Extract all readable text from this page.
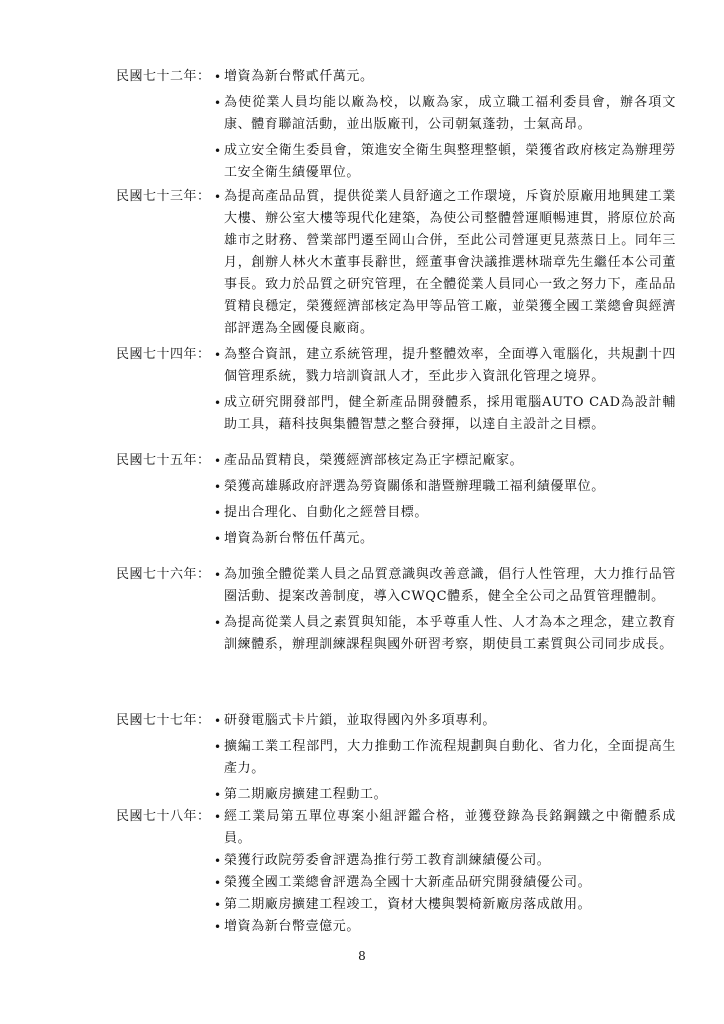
民國七十二年： • 增資為新台幣貳仟萬元。
• 為使從業人員均能以廠為校，以廠為家，成立職工福利委員會，辦各項文康、體育聯誼活動，並出版廠刊，公司朝氣蓬勃，士氣高昂。
• 成立安全衛生委員會，策進安全衛生與整理整頓，榮獲省政府核定為辦理勞工安全衛生績優單位。
民國七十三年： • 為提高產品品質，提供從業人員舒適之工作環境，斥資於原廠用地興建工業大樓、辦公室大樓等現代化建築，為使公司整體營運順暢連貫，將原位於高雄市之財務、營業部門遷至岡山合併，至此公司營運更見蒸蒸日上。同年三月，創辦人林火木董事長辭世，經董事會決議推選林瑞章先生繼任本公司董事長。致力於品質之研究管理，在全體從業人員同心一致之努力下，產品品質精良穩定，榮獲經濟部核定為甲等品管工廠，並榮獲全國工業總會與經濟部評選為全國優良廠商。
民國七十四年： • 為整合資訊，建立系統管理，提升整體效率，全面導入電腦化，共規劃十四個管理系統，戮力培訓資訊人才，至此步入資訊化管理之境界。
• 成立研究開發部門，健全新產品開發體系，採用電腦AUTO CAD為設計輔助工具，藉科技與集體智慧之整合發揮，以達自主設計之目標。
民國七十五年： • 產品品質精良，榮獲經濟部核定為正字標記廠家。
• 榮獲高雄縣政府評選為勞資關係和諧暨辦理職工福利績優單位。
• 提出合理化、自動化之經營目標。
• 增資為新台幣伍仟萬元。
民國七十六年： • 為加強全體從業人員之品質意識與改善意識，倡行人性管理，大力推行品管圈活動、提案改善制度，導入CWQC體系，健全全公司之品質管理體制。
• 為提高從業人員之素質與知能，本乎尊重人性、人才為本之理念，建立教育訓練體系，辦理訓練課程與國外研習考察，期使員工素質與公司同步成長。
民國七十七年： • 研發電腦式卡片鎖，並取得國內外多項專利。
• 擴編工業工程部門，大力推動工作流程規劃與自動化、省力化，全面提高生產力。
• 第二期廠房擴建工程動工。
民國七十八年： • 經工業局第五單位專案小組評鑑合格，並獲登錄為長銘鋼鐵之中衛體系成員。
• 榮獲行政院勞委會評選為推行勞工教育訓練績優公司。
• 榮獲全國工業總會評選為全國十大新產品研究開發績優公司。
• 第二期廠房擴建工程竣工，資材大樓與製椅新廠房落成啟用。
• 增資為新台幣壹億元。
8
